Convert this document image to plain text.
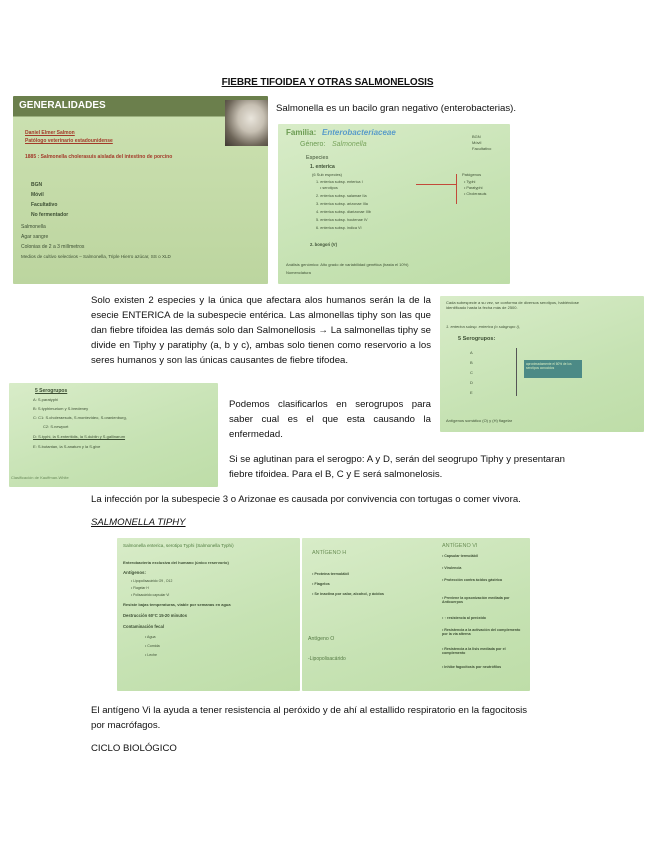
FIEBRE TIFOIDEA Y OTRAS SALMONELOSIS
GENERALIDADES
Daniel Elmer Salmon
Patólogo veterinario estadounidense
1885 : Salmonella cholerasuis aislada del intestino de porcino
BGN
Móvil
Facultativo
No fermentador
Salmonella
Agar sangre
Colonias de 2 a 3 milímetros
Medios de cultivo selectivos – Salmonella, Triple Hierro azúcar, SS o XLD
Salmonella es un bacilo gran negativo (enterobacterias).
Familia: Enterobacteriaceae
Género: Salmonella
Especies
1. enterica
(6 Sub especies)
1. enterica subsp. enterica I
• serotipos
2. enterica subsp. salamae IIa
3. enterica subsp. arizonae IIIa
4. enterica subsp. diarizonae IIIb
5. enterica subsp. houtenae IV
6. enterica subsp. indica VI
2. bongori (V)
BGN
Móvil
Facultativo
Patógenos
• Typhi
• Paratyphi
• Cholerasuis
Análisis genómico: Alto grado de variabilidad genética (hasta el 10%)
Nomenclatura
Solo existen 2 especies y la única que afectara alos humanos serán la de la esecie ENTERICA de la subespecie entérica. Las almonellas tiphy son las que dan fiebre tifoidea las demás solo dan Salmonellosis → La salmonellas tiphy se divide en Tiphy y paratiphy (a, b y c), ambas solo tienen como reservorio a los seres humanos y son las únicas causantes de fiebre tifodea.
Cada subespecie a su vez, se conforma de diversos serotipos, habiéndose identificado hasta la fecha más de 2500.
1. enterica subsp. enterica (o subgrupo I),
5 Serogrupos:
A
B
C
D
E
aproximadamente el 60% de los serotipos conocidos
Antígenos somático (O) y (H) flagelar
5 Serogrupos
A: S.paratyphi
B: S.typhimurium y S.bredeney
C: C1: S.choleraesuis, S.montevideo, S.oranienburg,
C2: S.newport
D: S.typhi, la S.enteritidis, la S.dublin y S.gallinarum
E: S.butantan, la S.anatum y la S.give
Clasificación de Kauffman-White
Podemos clasificarlos en serogrupos para saber cual es el que esta causando la enfermedad.
Si se aglutinan para el serogpo: A y D, serán del seogrupo Tiphy y presentaran fiebre tifoidea. Para el B, C y E será salmonelosis.
La infección por la subespecie 3 o Arizonae es causada por convivencia con tortugas o comer vivora.
SALMONELLA TIPHY
Salmonella enterica, serotipo Typhi (Salmonella Typhi)
Enterobacteria exclusiva del humano (único reservorio)
Antígenos:
• Lipopolisacárido O9 , O12
• Flagelar H
• Polisacárido capsular Vi
Resiste bajas temperaturas, viable por semanas en agua
Destrucción 60°C 15-20 minutos
Contaminación fecal
• Agua
• Comida
• Leche
ANTÍGENO H
• Proteína termolábil
• Flagelos
• Se inactiva por calor, alcohol, y ácidos
Antígeno O
-Lipopolisacárido
ANTÍGENO VI
• Capsular termolábil
• Virulencia
• Protección contra ácidos gástrica
• Previene la opsonización mediada por Anticuerpos
• ↑ resistencia al peróxido
• Resistencia a la activación del complemento por la vía alterna
• Resistencia a la lisis mediada por el complemento
• Inhibe fagocitosis por neutrófilos
El antígeno Vi la ayuda a tener resistencia al peróxido y de ahí al estallido respiratorio en la fagocitosis por macrófagos.
CICLO BIOLÓGICO
